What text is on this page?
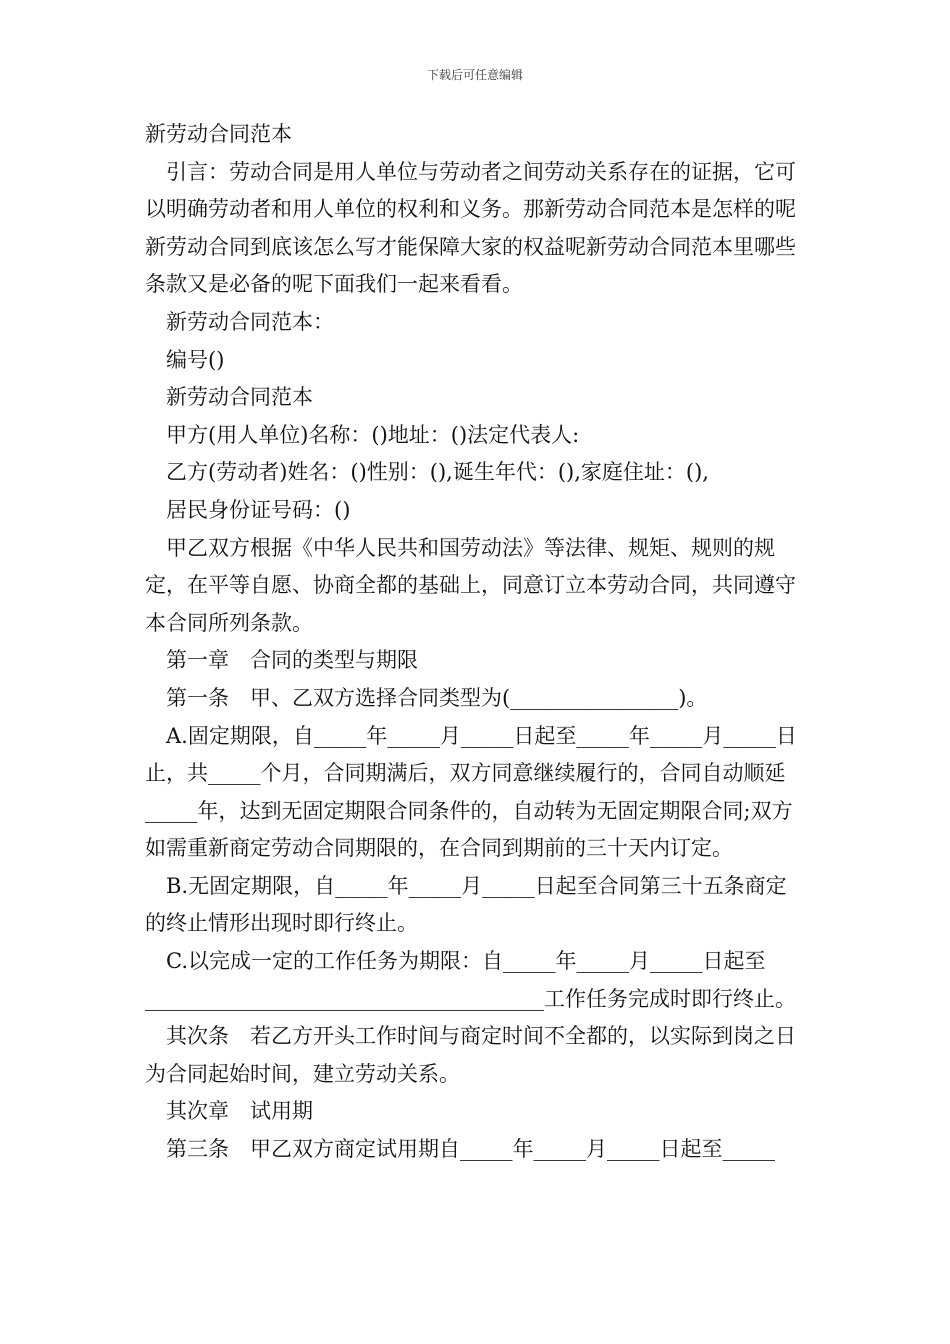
下载后可任意编辑

新劳动合同范本

引言：劳动合同是用人单位与劳动者之间劳动关系存在的证据，它可以明确劳动者和用人单位的权利和义务。那新劳动合同范本是怎样的呢新劳动合同到底该怎么写才能保障大家的权益呢新劳动合同范本里哪些条款又是必备的呢下面我们一起来看看。

新劳动合同范本：

编号()

新劳动合同范本

甲方(用人单位)名称：()地址：()法定代表人:

乙方(劳动者)姓名：()性别：(),诞生年代：(),家庭住址：(),

居民身份证号码：()

甲乙双方根据《中华人民共和国劳动法》等法律、规矩、规则的规定，在平等自愿、协商全都的基础上，同意订立本劳动合同，共同遵守本合同所列条款。

第一章　合同的类型与期限

第一条　甲、乙双方选择合同类型为(________________)。

A.固定期限，自_____年_____月_____日起至_____年_____月_____日止，共_____个月，合同期满后，双方同意继续履行的，合同自动顺延_____年，达到无固定期限合同条件的，自动转为无固定期限合同;双方如需重新商定劳动合同期限的，在合同到期前的三十天内订定。

B.无固定期限，自_____年_____月_____日起至合同第三十五条商定的终止情形出现时即行终止。

C.以完成一定的工作任务为期限：自_____年_____月_____日起至______________________________________工作任务完成时即行终止。

其次条　若乙方开头工作时间与商定时间不全都的，以实际到岗之日为合同起始时间，建立劳动关系。

其次章　试用期

第三条　甲乙双方商定试用期自_____年_____月_____日起至_____
